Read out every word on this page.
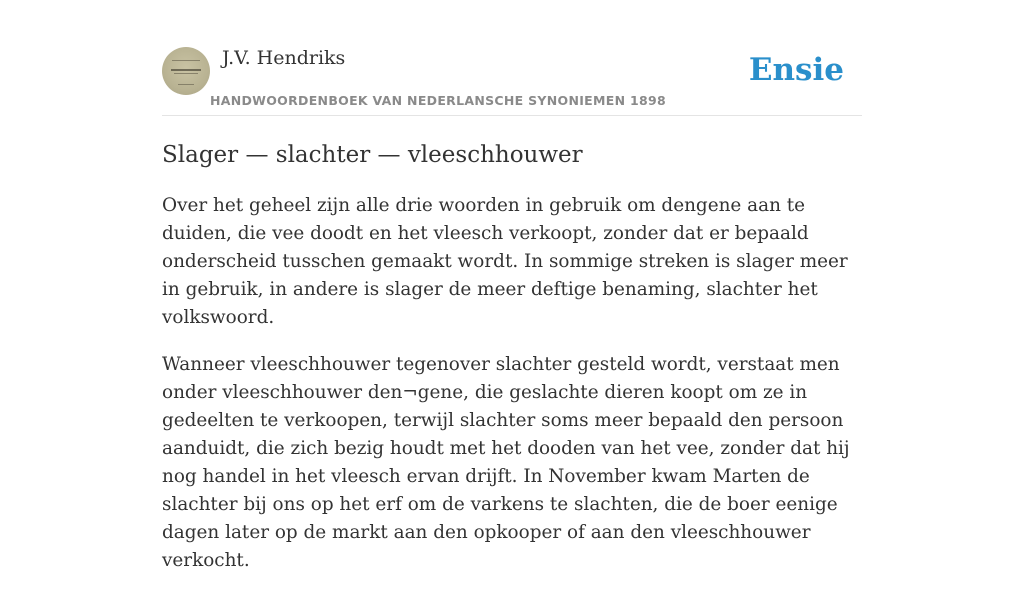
J.V. Hendriks
HANDWOORDENBOEK VAN NEDERLANSCHE SYNONIEMEN 1898
Ensie
Slager — slachter — vleeschhouwer

Over het geheel zijn alle drie woorden in gebruik om dengene aan te duiden, die vee doodt en het vleesch verkoopt, zonder dat er bepaald onderscheid tusschen gemaakt wordt. In sommige streken is slager meer in gebruik, in andere is slager de meer deftige benaming, slachter het volkswoord.

Wanneer vleeschhouwer tegenover slachter gesteld wordt, verstaat men onder vleeschhouwer den¬gene, die geslachte dieren koopt om ze in gedeelten te verkoopen, terwijl slachter soms meer bepaald den persoon aanduidt, die zich bezig houdt met het dooden van het vee, zonder dat hij nog handel in het vleesch ervan drijft. In November kwam Marten de slachter bij ons op het erf om de varkens te slachten, die de boer eenige dagen later op de markt aan den opkooper of aan den vleeschhouwer verkocht.
